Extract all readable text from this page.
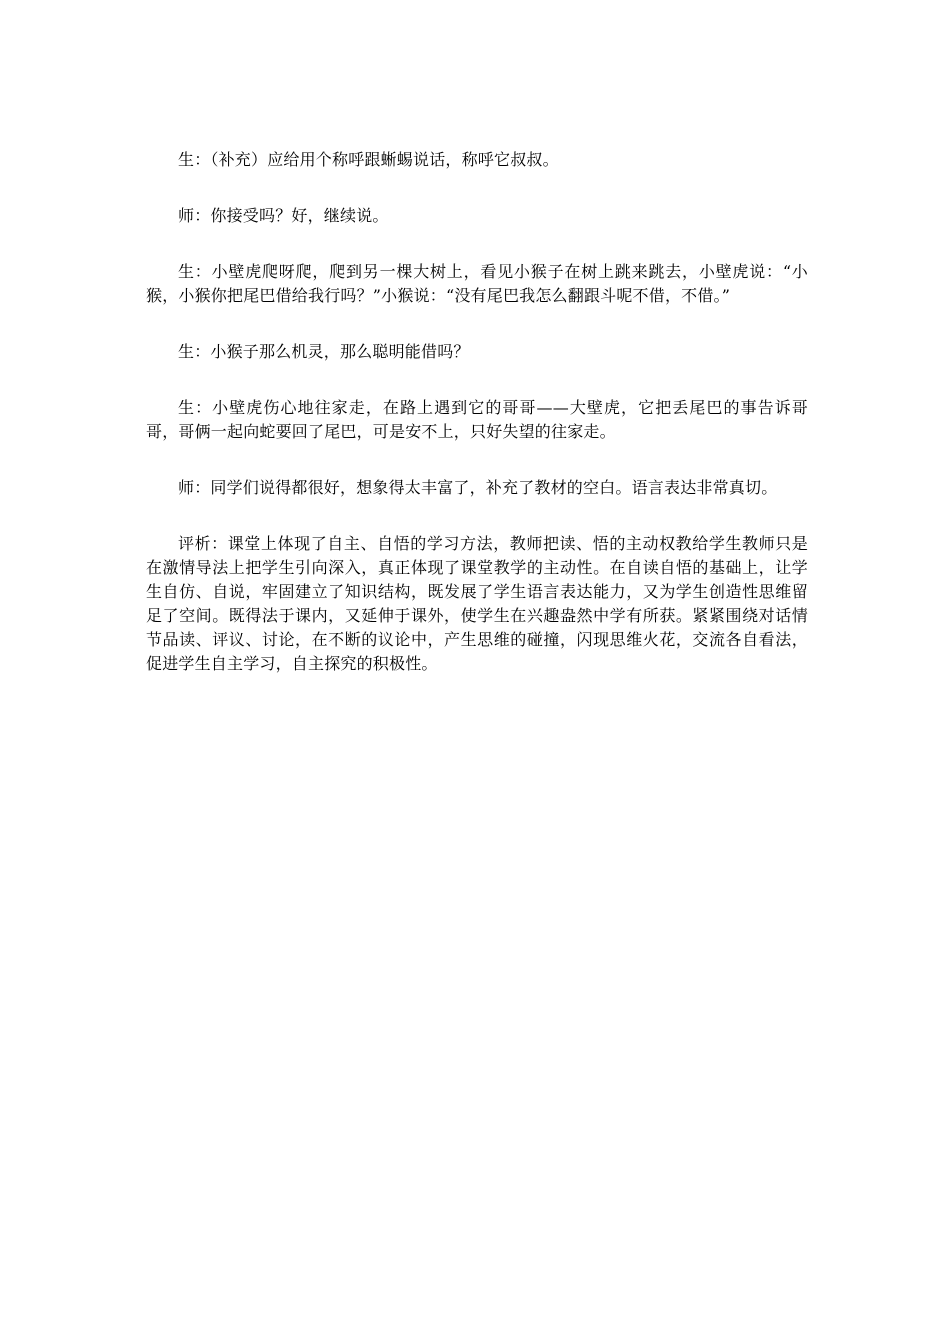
生：（补充）应给用个称呼跟蜥蜴说话，称呼它叔叔。

师：你接受吗？好，继续说。

生：小壁虎爬呀爬，爬到另一棵大树上，看见小猴子在树上跳来跳去，小壁虎说：“小猴，小猴你把尾巴借给我行吗？”小猴说：“没有尾巴我怎么翻跟斗呢不借，不借。”

生：小猴子那么机灵，那么聪明能借吗？

生：小壁虎伤心地往家走，在路上遇到它的哥哥——大壁虎，它把丢尾巴的事告诉哥哥，哥俩一起向蛇要回了尾巴，可是安不上，只好失望的往家走。

师：同学们说得都很好，想象得太丰富了，补充了教材的空白。语言表达非常真切。

评析：课堂上体现了自主、自悟的学习方法，教师把读、悟的主动权教给学生教师只是在激情导法上把学生引向深入，真正体现了课堂教学的主动性。在自读自悟的基础上，让学生自仿、自说，牢固建立了知识结构，既发展了学生语言表达能力，又为学生创造性思维留足了空间。既得法于课内，又延伸于课外，使学生在兴趣盎然中学有所获。紧紧围绕对话情节品读、评议、讨论，在不断的议论中，产生思维的碰撞，闪现思维火花，交流各自看法，促进学生自主学习，自主探究的积极性。
